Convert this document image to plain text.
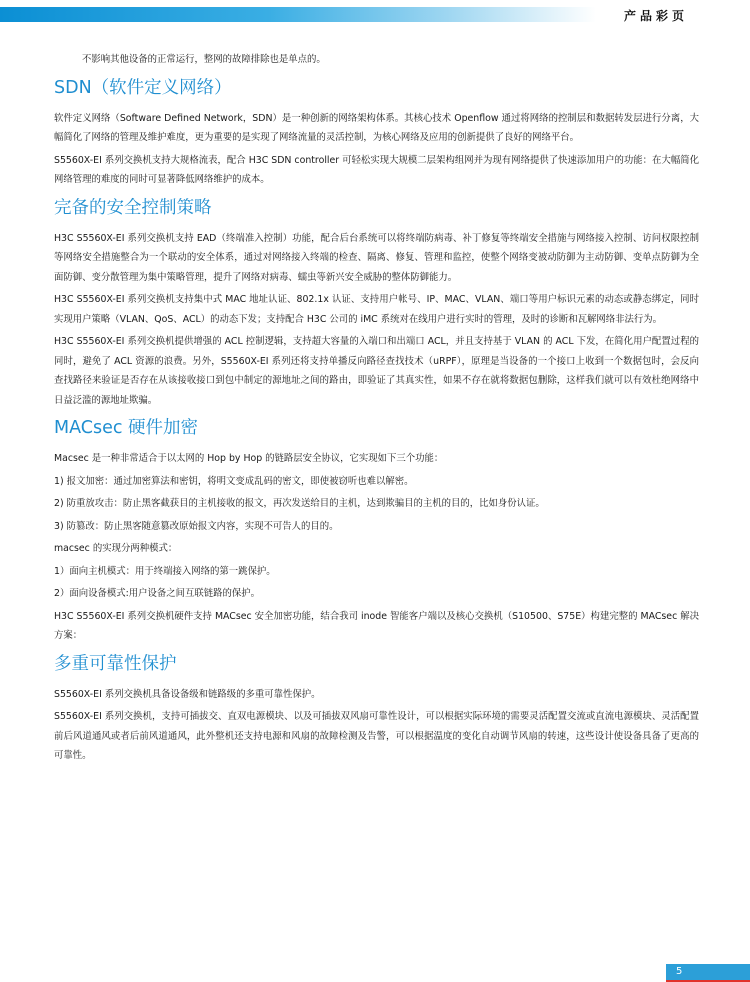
产品彩页

不影响其他设备的正常运行，整网的故障排除也是单点的。

SDN（软件定义网络）

软件定义网络（Software Defined Network，SDN）是一种创新的网络架构体系。其核心技术 Openflow 通过将网络的控制层和数据转发层进行分离，大幅简化了网络的管理及维护难度，更为重要的是实现了网络流量的灵活控制，为核心网络及应用的创新提供了良好的网络平台。

S5560X-EI 系列交换机支持大规格流表，配合 H3C SDN controller 可轻松实现大规模二层架构组网并为现有网络提供了快速添加用户的功能：在大幅简化网络管理的难度的同时可显著降低网络维护的成本。

完备的安全控制策略

H3C S5560X-EI 系列交换机支持 EAD（终端准入控制）功能，配合后台系统可以将终端防病毒、补丁修复等终端安全措施与网络接入控制、访问权限控制等网络安全措施整合为一个联动的安全体系，通过对网络接入终端的检查、隔离、修复、管理和监控，使整个网络变被动防御为主动防御、变单点防御为全面防御、变分散管理为集中策略管理，提升了网络对病毒、蠕虫等新兴安全威胁的整体防御能力。

H3C S5560X-EI 系列交换机支持集中式 MAC 地址认证、802.1x 认证、支持用户帐号、IP、MAC、VLAN、端口等用户标识元素的动态或静态绑定，同时实现用户策略（VLAN、QoS、ACL）的动态下发；支持配合 H3C 公司的 iMC 系统对在线用户进行实时的管理，及时的诊断和瓦解网络非法行为。

H3C S5560X-EI 系列交换机提供增强的 ACL 控制逻辑，支持超大容量的入端口和出端口 ACL，并且支持基于 VLAN 的 ACL 下发，在简化用户配置过程的同时，避免了 ACL 资源的浪费。另外，S5560X-EI 系列还将支持单播反向路径查找技术（uRPF），原理是当设备的一个接口上收到一个数据包时，会反向查找路径来验证是否存在从该接收接口到包中制定的源地址之间的路由，即验证了其真实性，如果不存在就将数据包删除，这样我们就可以有效杜绝网络中日益泛滥的源地址欺骗。

MACsec 硬件加密

Macsec 是一种非常适合于以太网的 Hop by Hop 的链路层安全协议，它实现如下三个功能：

1) 报文加密：通过加密算法和密钥，将明文变成乱码的密文，即使被窃听也难以解密。

2) 防重放攻击：防止黑客截获目的主机接收的报文，再次发送给目的主机，达到欺骗目的主机的目的，比如身份认证。

3) 防篡改：防止黑客随意篡改原始报文内容，实现不可告人的目的。

macsec 的实现分两种模式：

1）面向主机模式：用于终端接入网络的第一跳保护。

2）面向设备模式:用户设备之间互联链路的保护。

H3C S5560X-EI 系列交换机硬件支持 MACsec 安全加密功能，结合我司 inode 智能客户端以及核心交换机（S10500、S75E）构建完整的 MACsec 解决方案：

多重可靠性保护

S5560X-EI 系列交换机具备设备级和链路级的多重可靠性保护。

S5560X-EI 系列交换机，支持可插拔交、直双电源模块、以及可插拔双风扇可靠性设计，可以根据实际环境的需要灵活配置交流或直流电源模块、灵活配置前后风道通风或者后前风道通风，此外整机还支持电源和风扇的故障检测及告警，可以根据温度的变化自动调节风扇的转速，这些设计使设备具备了更高的可靠性。

5
